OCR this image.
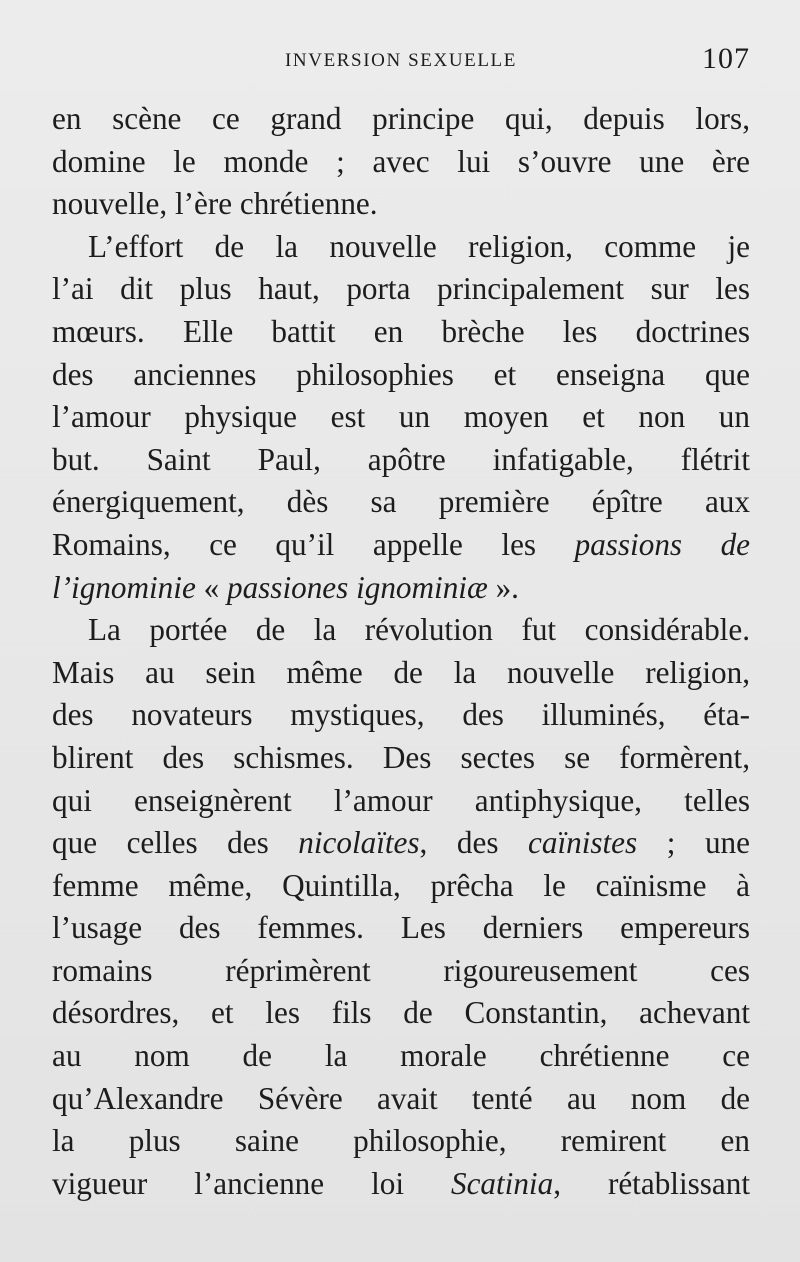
INVERSION SEXUELLE	107
en scène ce grand principe qui, depuis lors,
domine le monde ; avec lui s’ouvre une ère
nouvelle, l’ère chrétienne.
L’effort de la nouvelle religion, comme je
l’ai dit plus haut, porta principalement sur les
mœurs. Elle battit en brèche les doctrines
des anciennes philosophies et enseigna que
l’amour physique est un moyen et non un
but. Saint Paul, apôtre infatigable, flétrit
énergiquement, dès sa première épître aux
Romains, ce qu’il appelle les passions de
l’ignominie « passiones ignominiæ ».
La portée de la révolution fut considérable.
Mais au sein même de la nouvelle religion,
des novateurs mystiques, des illuminés, éta-
blirent des schismes. Des sectes se formèrent,
qui enseignèrent l’amour antiphysique, telles
que celles des nicolaïtes, des caïnistes ; une
femme même, Quintilla, prêcha le caïnisme à
l’usage des femmes. Les derniers empereurs
romains réprimèrent rigoureusement ces
désordres, et les fils de Constantin, achevant
au nom de la morale chrétienne ce
qu’Alexandre Sévère avait tenté au nom de
la plus saine philosophie, remirent en
vigueur l’ancienne loi Scatinia, rétablissant
